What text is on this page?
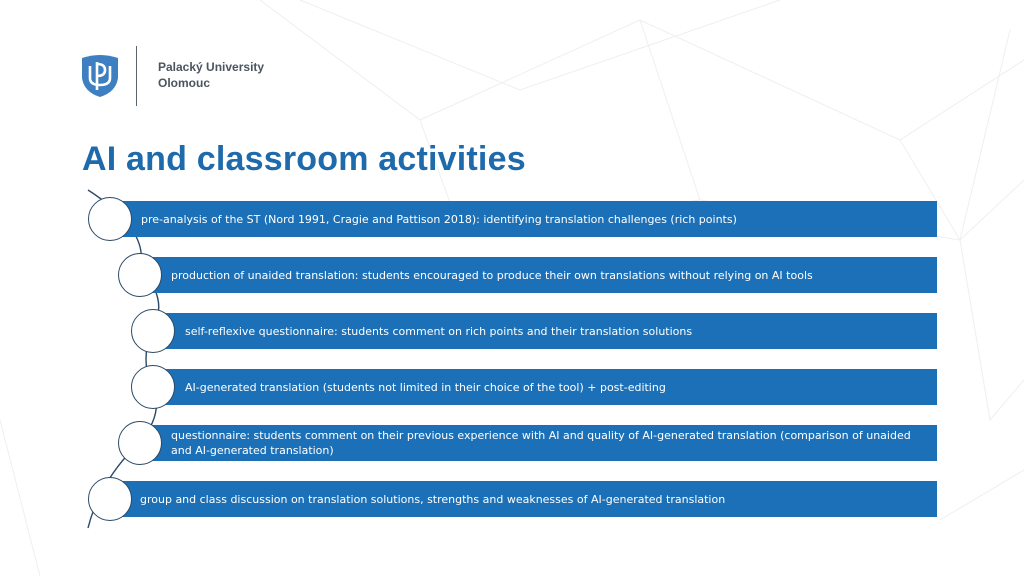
Palacký University
Olomouc
AI and classroom activities
pre-analysis of the ST (Nord 1991, Cragie and Pattison 2018): identifying translation challenges (rich points)
production of unaided translation: students encouraged to produce their own translations without relying on AI tools
self-reflexive questionnaire: students comment on rich points and their translation solutions
AI-generated translation (students not limited in their choice of the tool) + post-editing
questionnaire: students comment on their previous experience with AI and quality of AI-generated translation (comparison of unaided and AI-generated translation)
group and class discussion on translation solutions, strengths and weaknesses of AI-generated translation
